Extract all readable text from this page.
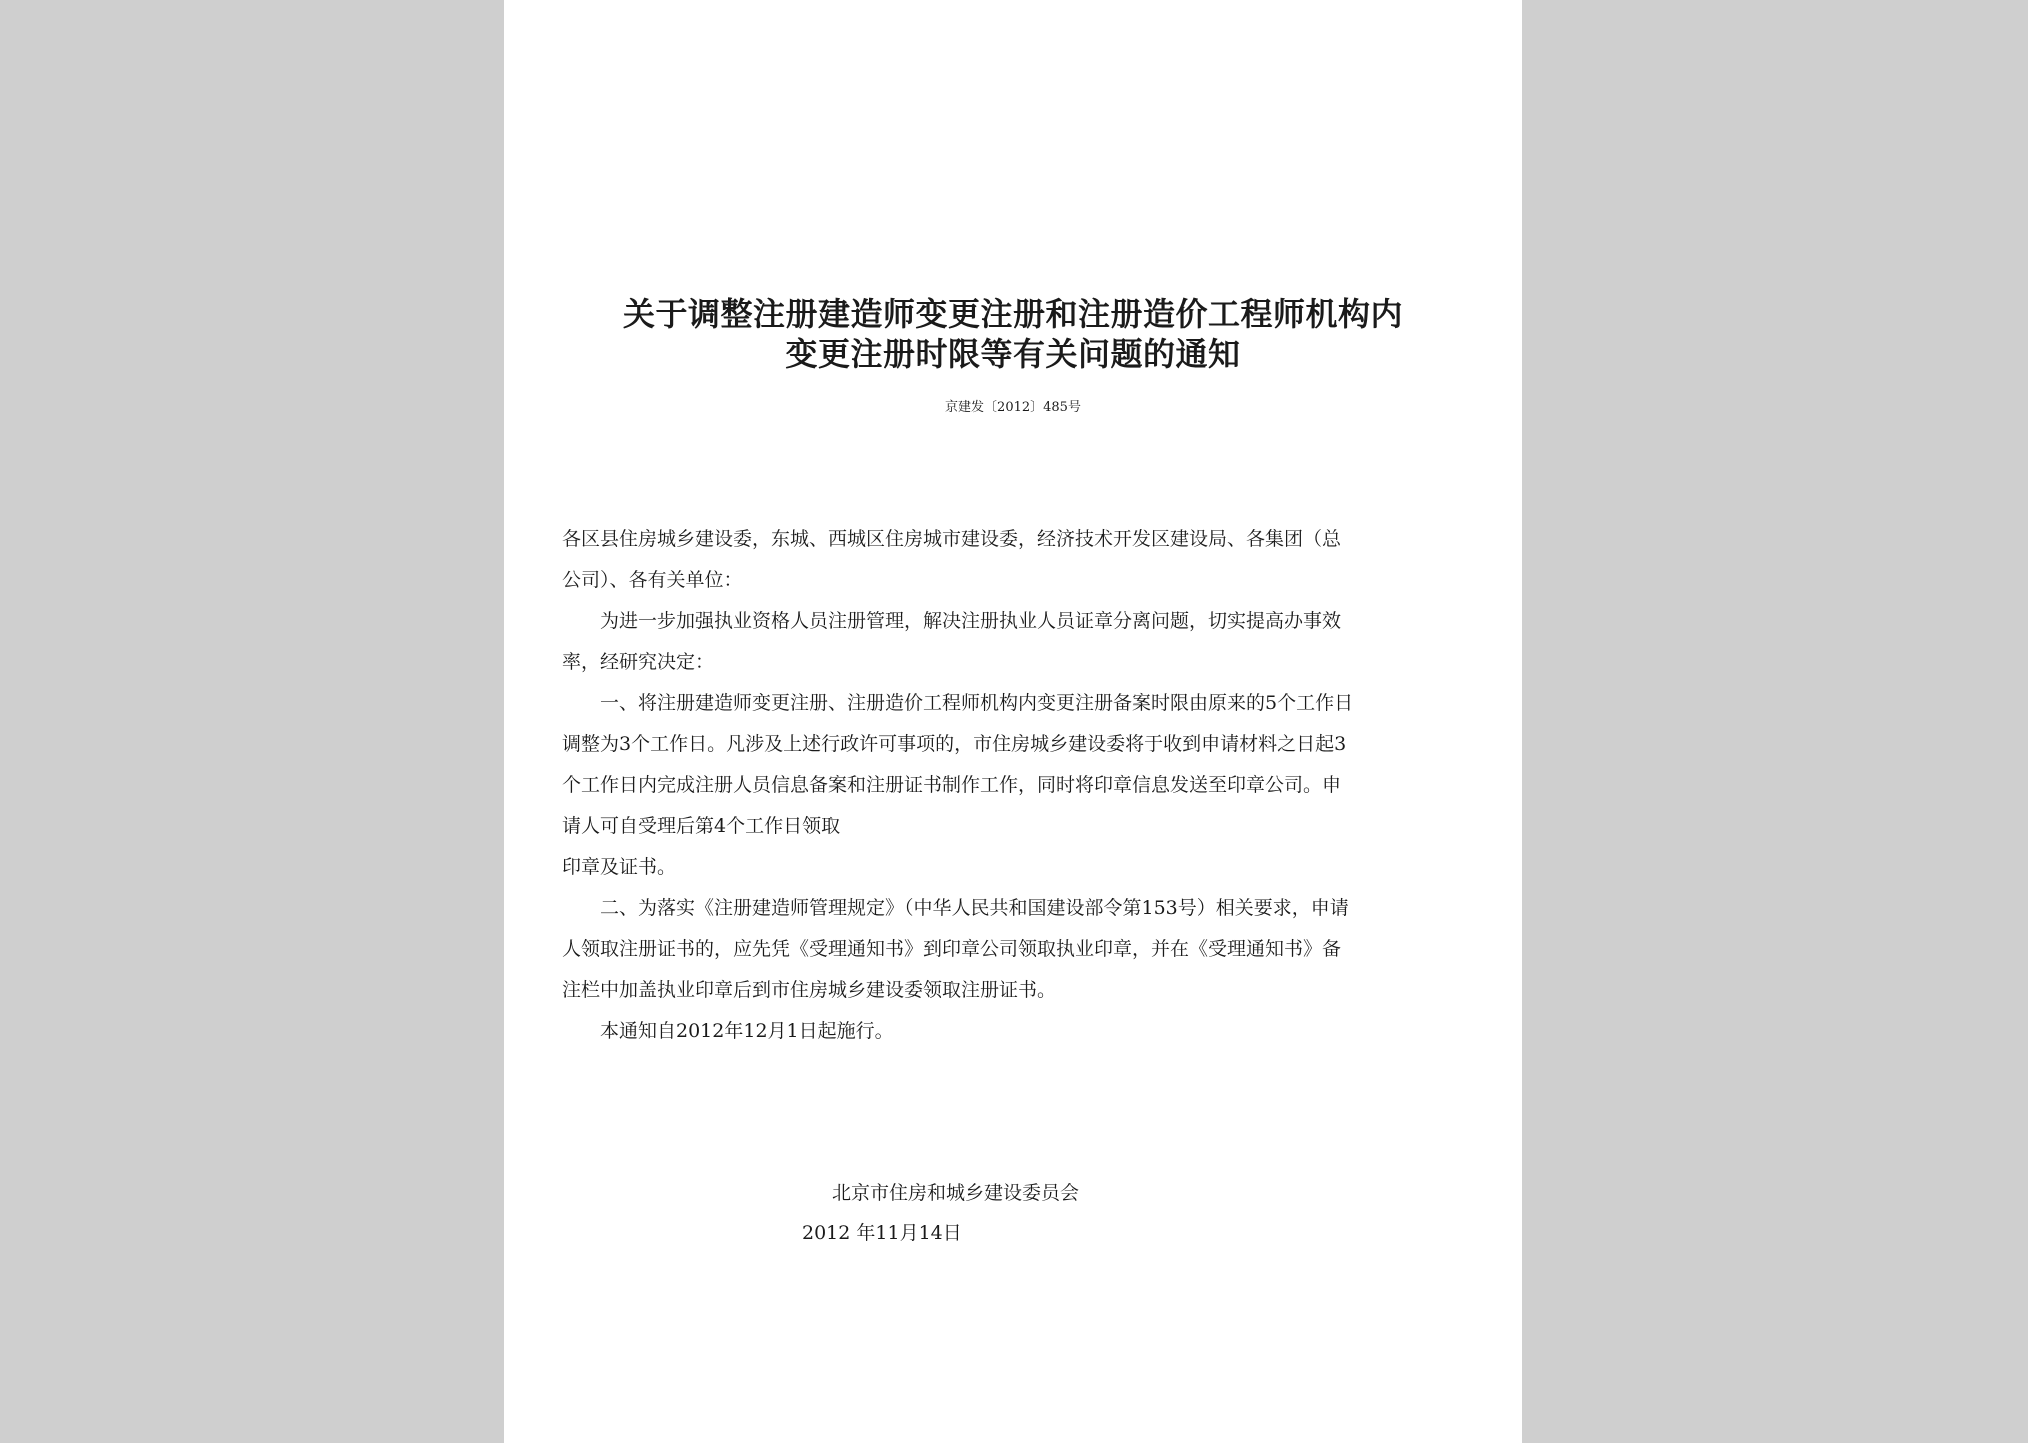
关于调整注册建造师变更注册和注册造价工程师机构内
变更注册时限等有关问题的通知
京建发〔2012〕485号

各区县住房城乡建设委，东城、西城区住房城市建设委，经济技术开发区建设局、各集团（总

公司）、各有关单位：

　　为进一步加强执业资格人员注册管理，解决注册执业人员证章分离问题，切实提高办事效

率，经研究决定：

　　一、将注册建造师变更注册、注册造价工程师机构内变更注册备案时限由原来的5个工作日

调整为3个工作日。凡涉及上述行政许可事项的，市住房城乡建设委将于收到申请材料之日起3

个工作日内完成注册人员信息备案和注册证书制作工作，同时将印章信息发送至印章公司。申

请人可自受理后第4个工作日领取

印章及证书。

　　二、为落实《注册建造师管理规定》（中华人民共和国建设部令第153号）相关要求，申请

人领取注册证书的，应先凭《受理通知书》到印章公司领取执业印章，并在《受理通知书》备

注栏中加盖执业印章后到市住房城乡建设委领取注册证书。

　　本通知自2012年12月1日起施行。

北京市住房和城乡建设委员会
2012 年11月14日
